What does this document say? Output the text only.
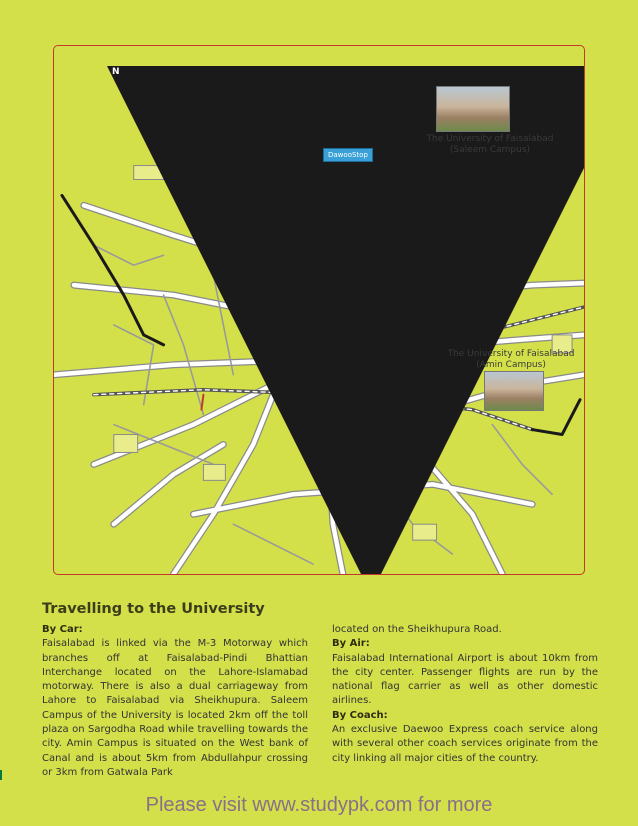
N
DawooStop
The University of Faisalabad
(Saleem Campus)
The University of Faisalabad
(Amin Campus)
Travelling to the University
By Car:

Faisalabad is linked via the M-3 Motorway which branches off at Faisalabad-Pindi Bhattian Interchange located on the Lahore-Islamabad motorway. There is also a dual carriageway from Lahore to Faisalabad via Sheikhupura. Saleem Campus of the University is located 2km off the toll plaza on Sargodha Road while travelling towards the city. Amin Campus is situated on the West bank of Canal and is about 5km from Abdullahpur crossing or 3km from Gatwala Park

located on the Sheikhupura Road.

By Air:

Faisalabad International Airport is about 10km from the city center. Passenger flights are run by the national flag carrier as well as other domestic airlines.

By Coach:

An exclusive Daewoo Express coach service along with several other coach services originate from the city linking all major cities of the country.

Please visit www.studypk.com for more
